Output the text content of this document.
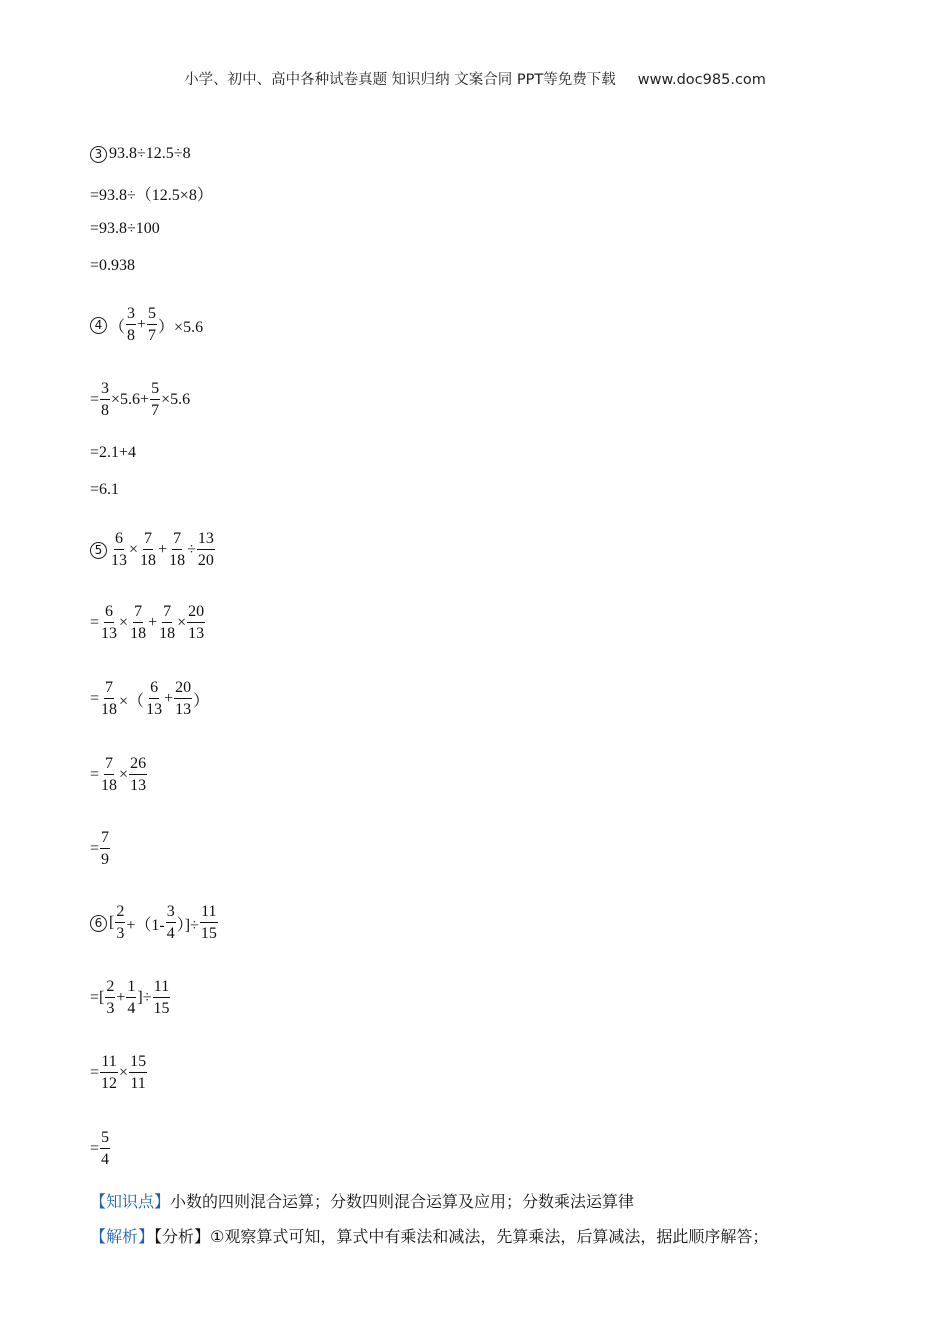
小学、初中、高中各种试卷真题 知识归纳 文案合同 PPT等免费下载 www.doc985.com
3 93.8÷12.5÷8
=93.8÷（12.5×8）
=93.8÷100
=0.938
4 （ $\frac{3}{8} + \frac{5}{7} )\times 5.6$
= $\frac{3}{8} \times 5.6+ \frac{5}{7} \times 5.6$
=2.1+4
=6.1
$5 \frac{6}{13} \times \frac{7}{18} + \frac{7}{18} \div \frac{13}{20}$
= $\frac{6}{13} \times \frac{7}{18} + \frac{7}{18} \times \frac{20}{13}$
= $\frac{7}{18}$ ×（ $\frac{6}{13} + \frac{20}{13}$ ）
= $\frac{7}{18} \times \frac{26}{13}$
= $\frac{7}{9}$
6 [ $\frac{2}{3} +(1- \frac{3}{4}$ ）]÷ $\frac{11}{15}$
=[ $\frac{2}{3} + \frac{1}{4}$ ]÷ $\frac{11}{15}$
= $\frac{11}{12} \times \frac{15}{11}$
= $\frac{5}{4}$
【知识点】小数的四则混合运算；分数四则混合运算及应用；分数乘法运算律
【解析】【分析】①观察算式可知，算式中有乘法和减法，先算乘法，后算减法，据此顺序解答；
